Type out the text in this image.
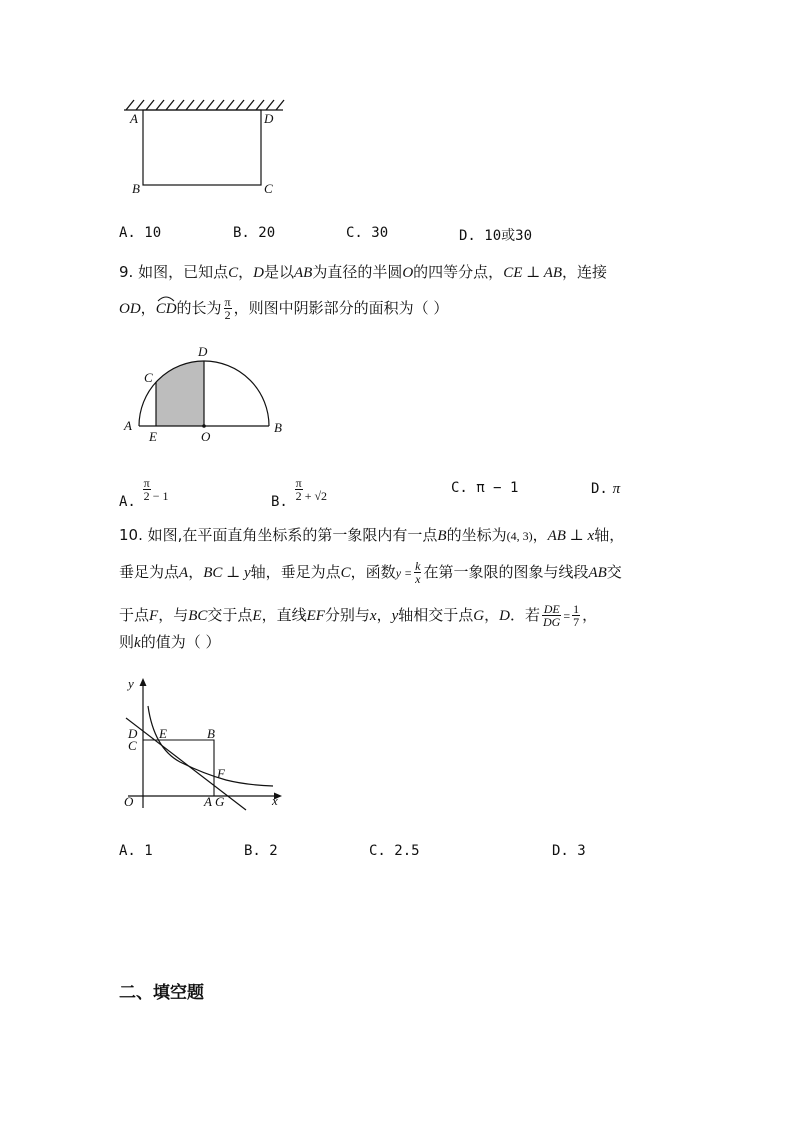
A	D
B	C
A. 10	B. 20	C. 30	D. 10或30
9. 如图，已知点C，D是以AB为直径的半圆O的四等分点，CE ⊥ AB，连接
OD，
CD的长为 $\frac{\pi}{2}$ ，则图中阴影部分的面积为（ ）
D
C
A	B
E	O
A. $\frac{\pi}{2} ^{- 1}$	B. $\frac{\pi}{2} ^{+ √2}$	C. π − 1	D. π
10. 如图,在平面直角坐标系的第一象限内有一点B的坐标为(4, 3)，AB ⊥ x轴，
垂足为点A，BC ⊥ y轴，垂足为点C，函数$y = \frac{k}{x}$ 在第一象限的图象与线段AB交
于点F，与BC交于点E，直线EF分别与x，y轴相交于点G，D．若 $\frac{DE}{DG} = \frac{1}{7}$ ，
则k的值为（ ）
y
x
O
D
C
E	B
F
A G
A. 1	B. 2	C. 2.5	D. 3
二、填空题
